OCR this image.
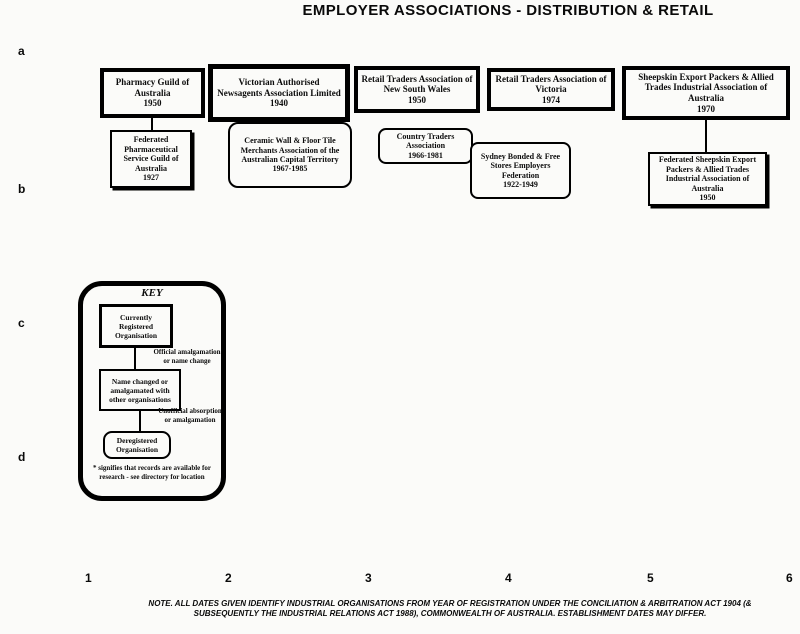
EMPLOYER ASSOCIATIONS - DISTRIBUTION & RETAIL
a
b
c
d
1	2	3	4	5	6
Pharmacy Guild of Australia
1950
Victorian Authorised Newsagents Association Limited
1940
Retail Traders Association of New South Wales
1950
Retail Traders Association of Victoria
1974
Sheepskin Export Packers & Allied Trades Industrial Association of Australia
1970
Federated Pharmaceutical Service Guild of Australia
1927
Ceramic Wall & Floor Tile Merchants Association of the Australian Capital Territory
1967-1985
Country Traders Association
1966-1981	Sydney Bonded & Free Stores Employers Federation
1922-1949
Federated Sheepskin Export Packers & Allied Trades Industrial Association of Australia
1950
KEY
Currently Registered Organisation
Official amalgamation or name change
Name changed or amalgamated with other organisations
Unofficial absorption or amalgamation
Deregistered Organisation
* signifies that records are available for research - see directory for location
NOTE. ALL DATES GIVEN IDENTIFY INDUSTRIAL ORGANISATIONS FROM YEAR OF REGISTRATION UNDER THE CONCILIATION & ARBITRATION ACT 1904 (&
SUBSEQUENTLY THE INDUSTRIAL RELATIONS ACT 1988), COMMONWEALTH OF AUSTRALIA. ESTABLISHMENT DATES MAY DIFFER.
